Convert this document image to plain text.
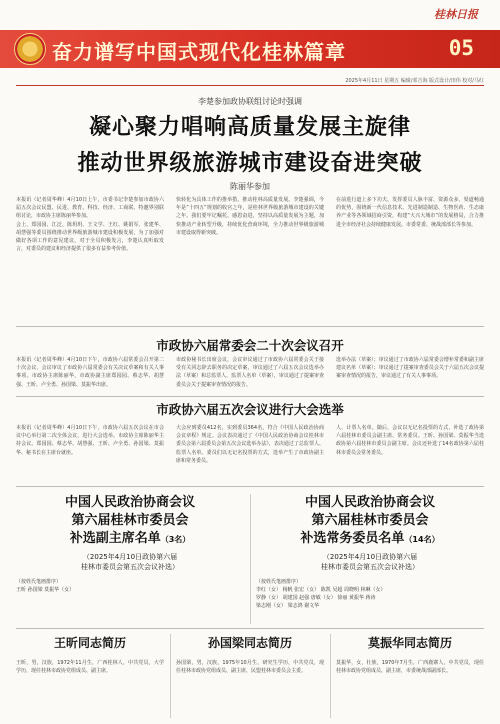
桂林日报
奋力谱写中国式现代化桂林篇章	05
2025年4月11日 星期五 编辑/邓吉海 版式设计/田伟 校对/马红
李楚参加政协联组讨论时强调
凝心聚力唱响高质量发展主旋律
推动世界级旅游城市建设奋进突破
陈丽华参加
本报讯（记者周华峰）4月10日上午，市委书记李楚参加市政协六届五次会议民盟、民进、教育、科技、经济、工商联、特邀界别联组讨论，市政协主席陈丽华参加。
会上，郑园园、江泛、陈玥玥、王文学、王红、姚娟军、张建华、胡慧强等委员围绕推动世界级旅游城市建设积极发展，为了加强对做好各项工作的意见建议，对于全员积极发言，李楚认真听取发言，对委员的建议和经济提供了很多有益参考价值。
快转化为具体工作的推举措，推动桂林高质量发展。李楚强调，今年是“十四五”规划的收官之年，是桂林世界级旅游城市建设的关键之年。我们要牢记嘱托、感恩奋进，坚持以高质量发展为主题，加快推动产业转型升级，持续优化营商环境，全力推动世界级旅游城市建设取得新突破。
在前进行道上多下功夫，发挥委员人脉丰富、资源众多、渠道畅通的优势，围绕新一代信息技术、先进制造制造、生物医药、生态康养产业等各领域招商引资，构建“大兴大城市”的发展格局，合力推进全市经济社会持续健康发展。市委常委、统战部部长等参加。
市政协六届常委会二十次会议召开
本报讯（记者周华峰）4月10日下午，市政协六届常委会召开第二十次会议，会议审议了市政协六届常委会有关决议草案和有关人事事项。市政协主席陈丽华，市政协副主席郑园园、蔡志华、胡慧强、王昕、卢全勇、孙国梁、莫振华出席。
市政协秘书长出席会议，会议审议通过了市政协六届常委会关于接受有关同志辞去职务的决定草案，审议通过了六届五次会议选举办法（草案）和总监票人、监票人名单（草案），审议通过了提案审查委员会关于提案审查情况的报告。
选举办法（草案）；审议通过了市政协六届常委会增补常委和副主席建议名单（草案）；审议通过了提案审查委员会关于六届五次会议提案审查情况的报告，审议通过了有关人事事项。
市政协六届五次会议进行大会选举
本报讯（记者周华峰）4月10日下午，市政协六届五次会议在市会议中心举行第二次全体会议，进行大会选举。市政协主席陈丽华主持会议。郑园园、蔡志华、胡慧强、王昕、卢全勇、孙国梁、莫振华、秘书长在主席台就座。
大会应到委员412名，实到委员364名，符合《中国人民政治协商会议章程》规定。会议表决通过了《中国人民政治协商会议桂林市委员会第六届委员会第五次会议选举办法》，表决通过了总监票人、监票人名单。委员们以无记名投票的方式，选举产生了市政协副主席和常务委员。
人、计票人名单。随后，会议以无记名投票的方式，补选了政协第六届桂林市委员会副主席、常务委员。王昕、孙国梁、莫振华当选政协第六届桂林市委员会副主席。会议还补选了14名政协第六届桂林市委员会常务委员。
中国人民政治协商会议
第六届桂林市委员会
补选副主席名单（3名）
（2025年4月10日政协第六届
桂林市委员会第五次会议补选）
（按姓氏笔画排序）
王昕 孙国梁 莫振华（女）
中国人民政治协商会议
第六届桂林市委员会
补选常务委员名单（14名）
（2025年4月10日政协第六届
桂林市委员会第五次会议补选）
（按姓氏笔画排序）
李红（女） 杨帆 张宏（女） 陈凯 吴超 周晓明 林琳（女）
罗静（女） 胡建国 赵强 唐敏（女） 徐丽 黄振华 蒋涛
梁志刚（女） 梁志鸿 谢文华
王昕同志简历
王昕，男，汉族，1972年11月生，广西桂林人，中共党员，大学学历，现任桂林市政协党组成员、副主席。
孙国梁同志简历
孙国梁，男，汉族，1975年10月生，研究生学历，中共党员，现任桂林市政协党组成员、副主席，民盟桂林市委员会主委。
莫振华同志简历
莫振华，女，壮族，1970年7月生，广西鹿寨人，中共党员，现任桂林市政协党组成员、副主席，市委统战部副部长。
